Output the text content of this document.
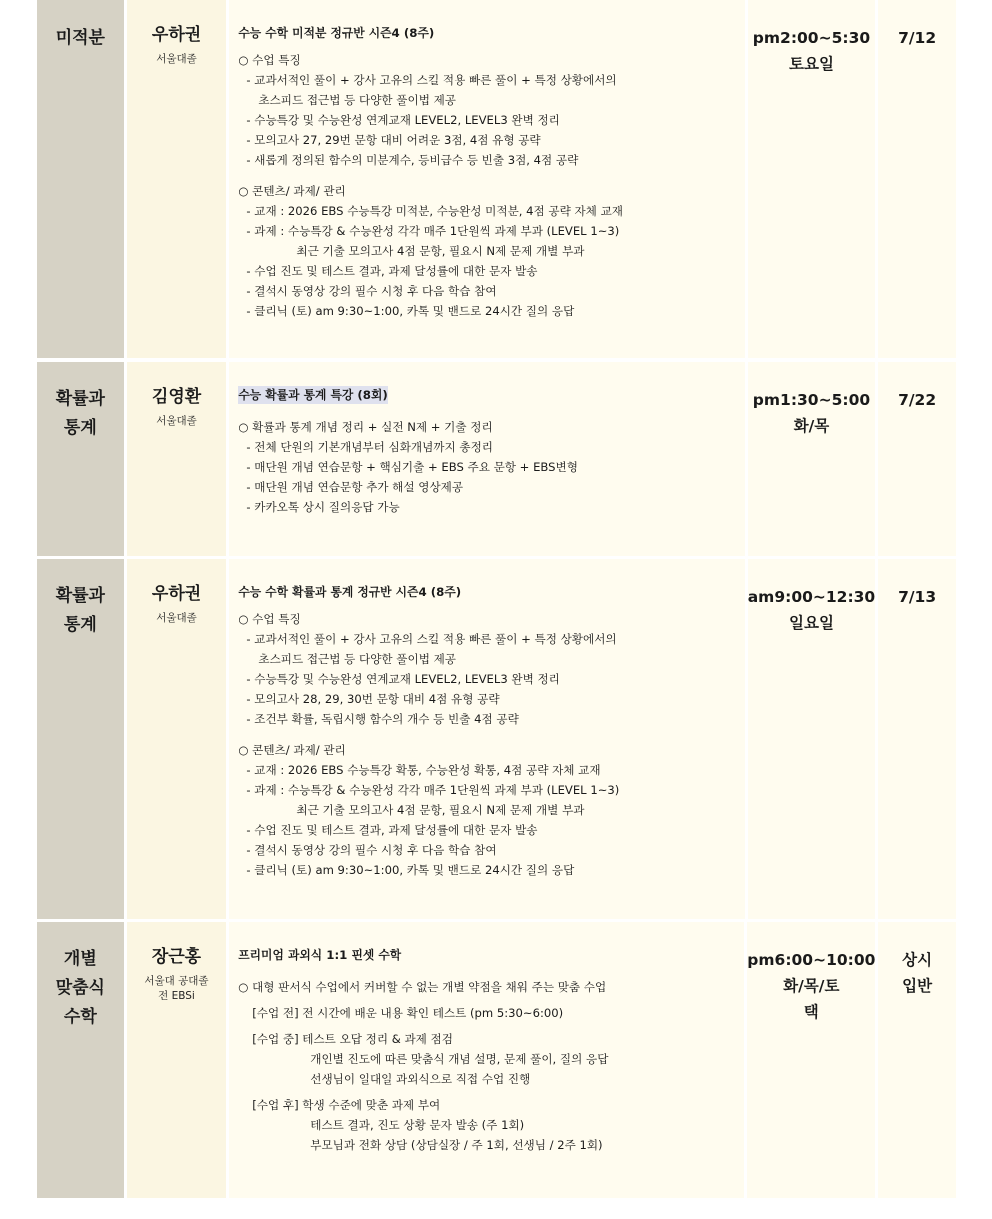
미적분	우하권
서울대졸
수능 수학 미적분 정규반 시즌4 (8주)
○ 수업 특징
- 교과서적인 풀이 + 강사 고유의 스킬 적용 빠른 풀이 + 특정 상황에서의
초스피드 접근법 등 다양한 풀이법 제공
- 수능특강 및 수능완성 연계교재 LEVEL2, LEVEL3 완벽 정리
- 모의고사 27, 29번 문항 대비 어려운 3점, 4점 유형 공략
- 새롭게 정의된 함수의 미분계수, 등비급수 등 빈출 3점, 4점 공략
○ 콘텐츠/ 과제/ 관리
- 교재 : 2026 EBS 수능특강 미적분, 수능완성 미적분, 4점 공략 자체 교재
- 과제 : 수능특강 & 수능완성 각각 매주 1단원씩 과제 부과 (LEVEL 1~3)
최근 기출 모의고사 4점 문항, 필요시 N제 문제 개별 부과
- 수업 진도 및 테스트 결과, 과제 달성률에 대한 문자 발송
- 결석시 동영상 강의 필수 시청 후 다음 학습 참여
- 클리닉 (토) am 9:30~1:00, 카톡 및 밴드로 24시간 질의 응답
pm2:00~5:30
토요일
7/12
확률과
통계
김영환
서울대졸
수능 확률과 통계 특강 (8회)
○ 확률과 통계 개념 정리 + 실전 N제 + 기출 정리
- 전체 단원의 기본개념부터 심화개념까지 총정리
- 매단원 개념 연습문항 + 핵심기출 + EBS 주요 문항 + EBS변형
- 매단원 개념 연습문항 추가 해설 영상제공
- 카카오톡 상시 질의응답 가능
pm1:30~5:00
화/목
7/22
확률과
통계
우하권
서울대졸
수능 수학 확률과 통계 정규반 시즌4 (8주)
○ 수업 특징
- 교과서적인 풀이 + 강사 고유의 스킬 적용 빠른 풀이 + 특정 상황에서의
초스피드 접근법 등 다양한 풀이법 제공
- 수능특강 및 수능완성 연계교재 LEVEL2, LEVEL3 완벽 정리
- 모의고사 28, 29, 30번 문항 대비 4점 유형 공략
- 조건부 확률, 독립시행 함수의 개수 등 빈출 4점 공략
○ 콘텐츠/ 과제/ 관리
- 교재 : 2026 EBS 수능특강 확통, 수능완성 확통, 4점 공략 자체 교재
- 과제 : 수능특강 & 수능완성 각각 매주 1단원씩 과제 부과 (LEVEL 1~3)
최근 기출 모의고사 4점 문항, 필요시 N제 문제 개별 부과
- 수업 진도 및 테스트 결과, 과제 달성률에 대한 문자 발송
- 결석시 동영상 강의 필수 시청 후 다음 학습 참여
- 클리닉 (토) am 9:30~1:00, 카톡 및 밴드로 24시간 질의 응답
am9:00~12:30
일요일
7/13
개별
맞춤식
수학
장근홍
서울대 공대졸
전 EBSi
프리미엄 과외식 1:1 핀셋 수학
○ 대형 판서식 수업에서 커버할 수 없는 개별 약점을 채워 주는 맞춤 수업
[수업 전] 전 시간에 배운 내용 확인 테스트 (pm 5:30~6:00)
[수업 중] 테스트 오답 정리 & 과제 점검
개인별 진도에 따른 맞춤식 개념 설명, 문제 풀이, 질의 응답
선생님이 일대일 과외식으로 직접 수업 진행
[수업 후] 학생 수준에 맞춘 과제 부여
테스트 결과, 진도 상황 문자 발송 (주 1회)
부모님과 전화 상담 (상담실장 / 주 1회, 선생님 / 2주 1회)
pm6:00~10:00
화/목/토
택
상시
입반
